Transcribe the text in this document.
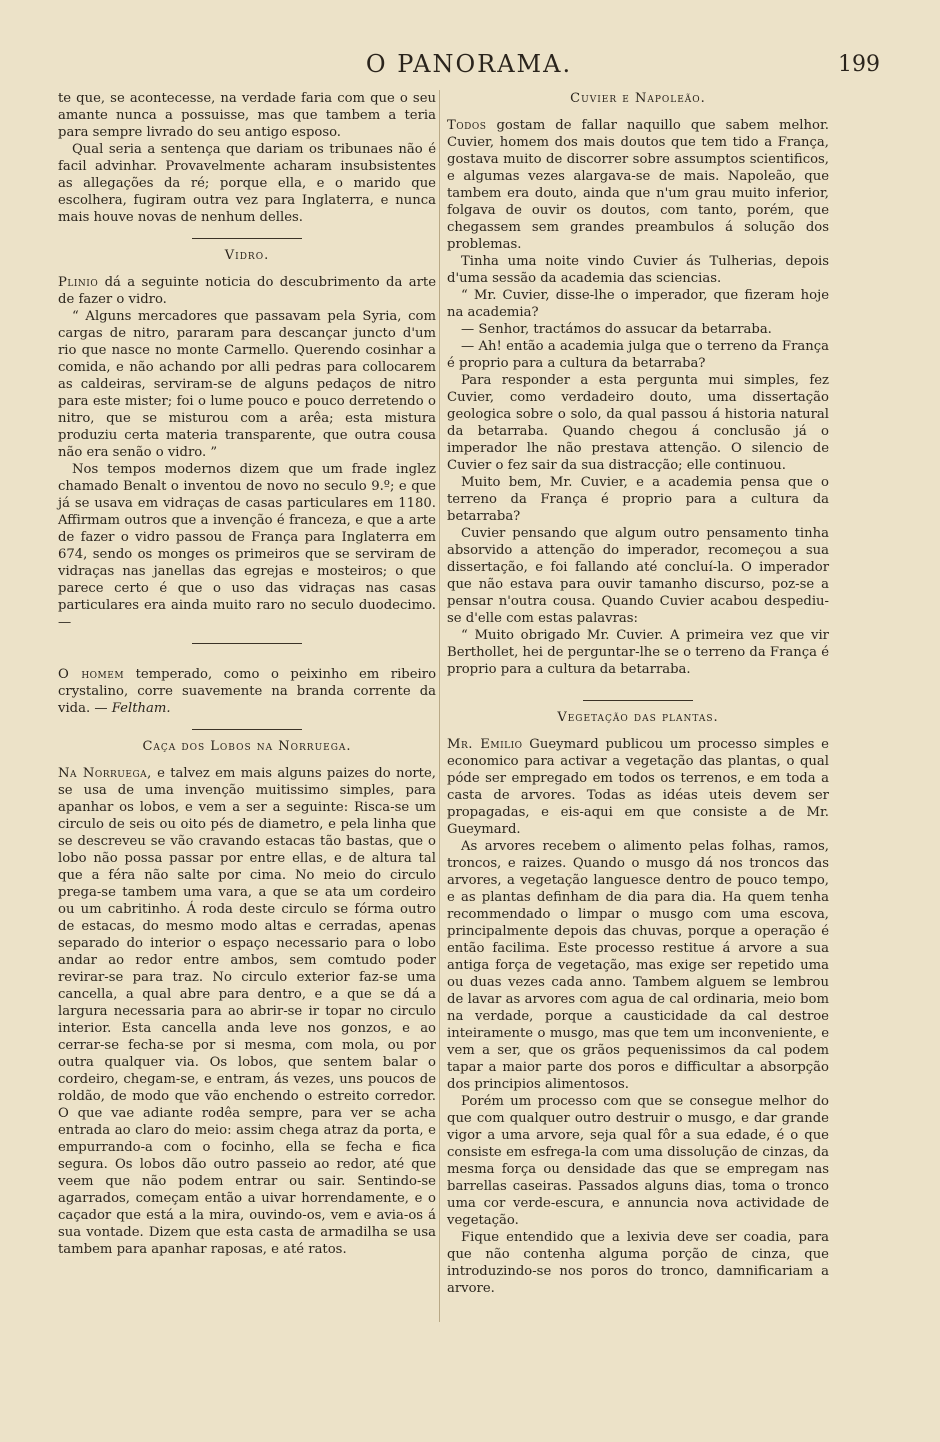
O PANORAMA.	199

te que, se acontecesse, na verdade faria com que o seu amante nunca a possuisse, mas que tambem a teria para sempre livrado do seu antigo esposo.

Qual seria a sentença que dariam os tribunaes não é facil advinhar. Provavelmente acharam insubsistentes as allegações da ré; porque ella, e o marido que escolhera, fugiram outra vez para Inglaterra, e nunca mais houve novas de nenhum delles.

Vidro.

Plinio dá a seguinte noticia do descubrimento da arte de fazer o vidro.

“ Alguns mercadores que passavam pela Syria, com cargas de nitro, pararam para descançar juncto d'um rio que nasce no monte Carmello. Querendo cosinhar a comida, e não achando por alli pedras para collocarem as caldeiras, serviram-se de alguns pedaços de nitro para este mister; foi o lume pouco e pouco derretendo o nitro, que se misturou com a arêa; esta mistura produziu certa materia transparente, que outra cousa não era senão o vidro. ”

Nos tempos modernos dizem que um frade inglez chamado Benalt o inventou de novo no seculo 9.º; e que já se usava em vidraças de casas particulares em 1180. Affirmam outros que a invenção é franceza, e que a arte de fazer o vidro passou de França para Inglaterra em 674, sendo os monges os primeiros que se serviram de vidraças nas janellas das egrejas e mosteiros; o que parece certo é que o uso das vidraças nas casas particulares era ainda muito raro no seculo duodecimo. —

O homem temperado, como o peixinho em ribeiro crystalino, corre suavemente na branda corrente da vida. — Feltham.

Caça dos Lobos na Norruega.

Na Norruega, e talvez em mais alguns paizes do norte, se usa de uma invenção muitissimo simples, para apanhar os lobos, e vem a ser a seguinte: Risca-se um circulo de seis ou oito pés de diametro, e pela linha que se descreveu se vão cravando estacas tão bastas, que o lobo não possa passar por entre ellas, e de altura tal que a féra não salte por cima. No meio do circulo prega-se tambem uma vara, a que se ata um cordeiro ou um cabritinho. Á roda deste circulo se fórma outro de estacas, do mesmo modo altas e cerradas, apenas separado do interior o espaço necessario para o lobo andar ao redor entre ambos, sem comtudo poder revirar-se para traz. No circulo exterior faz-se uma cancella, a qual abre para dentro, e a que se dá a largura necessaria para ao abrir-se ir topar no circulo interior. Esta cancella anda leve nos gonzos, e ao cerrar-se fecha-se por si mesma, com mola, ou por outra qualquer via. Os lobos, que sentem balar o cordeiro, chegam-se, e entram, ás vezes, uns poucos de roldão, de modo que vão enchendo o estreito corredor. O que vae adiante rodêa sempre, para ver se acha entrada ao claro do meio: assim chega atraz da porta, e empurrando-a com o focinho, ella se fecha e fica segura. Os lobos dão outro passeio ao redor, até que veem que não podem entrar ou sair. Sentindo-se agarrados, começam então a uivar horrendamente, e o caçador que está a la mira, ouvindo-os, vem e avia-os á sua vontade. Dizem que esta casta de armadilha se usa tambem para apanhar raposas, e até ratos.

Cuvier e Napoleão.

Todos gostam de fallar naquillo que sabem melhor. Cuvier, homem dos mais doutos que tem tido a França, gostava muito de discorrer sobre assumptos scientificos, e algumas vezes alargava-se de mais. Napoleão, que tambem era douto, ainda que n'um grau muito inferior, folgava de ouvir os doutos, com tanto, porém, que chegassem sem grandes preambulos á solução dos problemas.

Tinha uma noite vindo Cuvier ás Tulherias, depois d'uma sessão da academia das sciencias.

“ Mr. Cuvier, disse-lhe o imperador, que fizeram hoje na academia?

— Senhor, tractámos do assucar da betarraba.

— Ah! então a academia julga que o terreno da França é proprio para a cultura da betarraba?

Para responder a esta pergunta mui simples, fez Cuvier, como verdadeiro douto, uma dissertação geologica sobre o solo, da qual passou á historia natural da betarraba. Quando chegou á conclusão já o imperador lhe não prestava attenção. O silencio de Cuvier o fez sair da sua distracção; elle continuou.

Muito bem, Mr. Cuvier, e a academia pensa que o terreno da França é proprio para a cultura da betarraba?

Cuvier pensando que algum outro pensamento tinha absorvido a attenção do imperador, recomeçou a sua dissertação, e foi fallando até concluí-la. O imperador que não estava para ouvir tamanho discurso, poz-se a pensar n'outra cousa. Quando Cuvier acabou despediu-se d'elle com estas palavras:

“ Muito obrigado Mr. Cuvier. A primeira vez que vir Berthollet, hei de perguntar-lhe se o terreno da França é proprio para a cultura da betarraba.

Vegetação das plantas.

Mr. Emilio Gueymard publicou um processo simples e economico para activar a vegetação das plantas, o qual póde ser empregado em todos os terrenos, e em toda a casta de arvores. Todas as idéas uteis devem ser propagadas, e eis-aqui em que consiste a de Mr. Gueymard.

As arvores recebem o alimento pelas folhas, ramos, troncos, e raizes. Quando o musgo dá nos troncos das arvores, a vegetação languesce dentro de pouco tempo, e as plantas definham de dia para dia. Ha quem tenha recommendado o limpar o musgo com uma escova, principalmente depois das chuvas, porque a operação é então facilima. Este processo restitue á arvore a sua antiga força de vegetação, mas exige ser repetido uma ou duas vezes cada anno. Tambem alguem se lembrou de lavar as arvores com agua de cal ordinaria, meio bom na verdade, porque a causticidade da cal destroe inteiramente o musgo, mas que tem um inconveniente, e vem a ser, que os grãos pequenissimos da cal podem tapar a maior parte dos poros e difficultar a absorpção dos principios alimentosos.

Porém um processo com que se consegue melhor do que com qualquer outro destruir o musgo, e dar grande vigor a uma arvore, seja qual fôr a sua edade, é o que consiste em esfrega-la com uma dissolução de cinzas, da mesma força ou densidade das que se empregam nas barrellas caseiras. Passados alguns dias, toma o tronco uma cor verde-escura, e annuncia nova actividade de vegetação.

Fique entendido que a lexivia deve ser coadia, para que não contenha alguma porção de cinza, que introduzindo-se nos poros do tronco, damnificariam a arvore.
